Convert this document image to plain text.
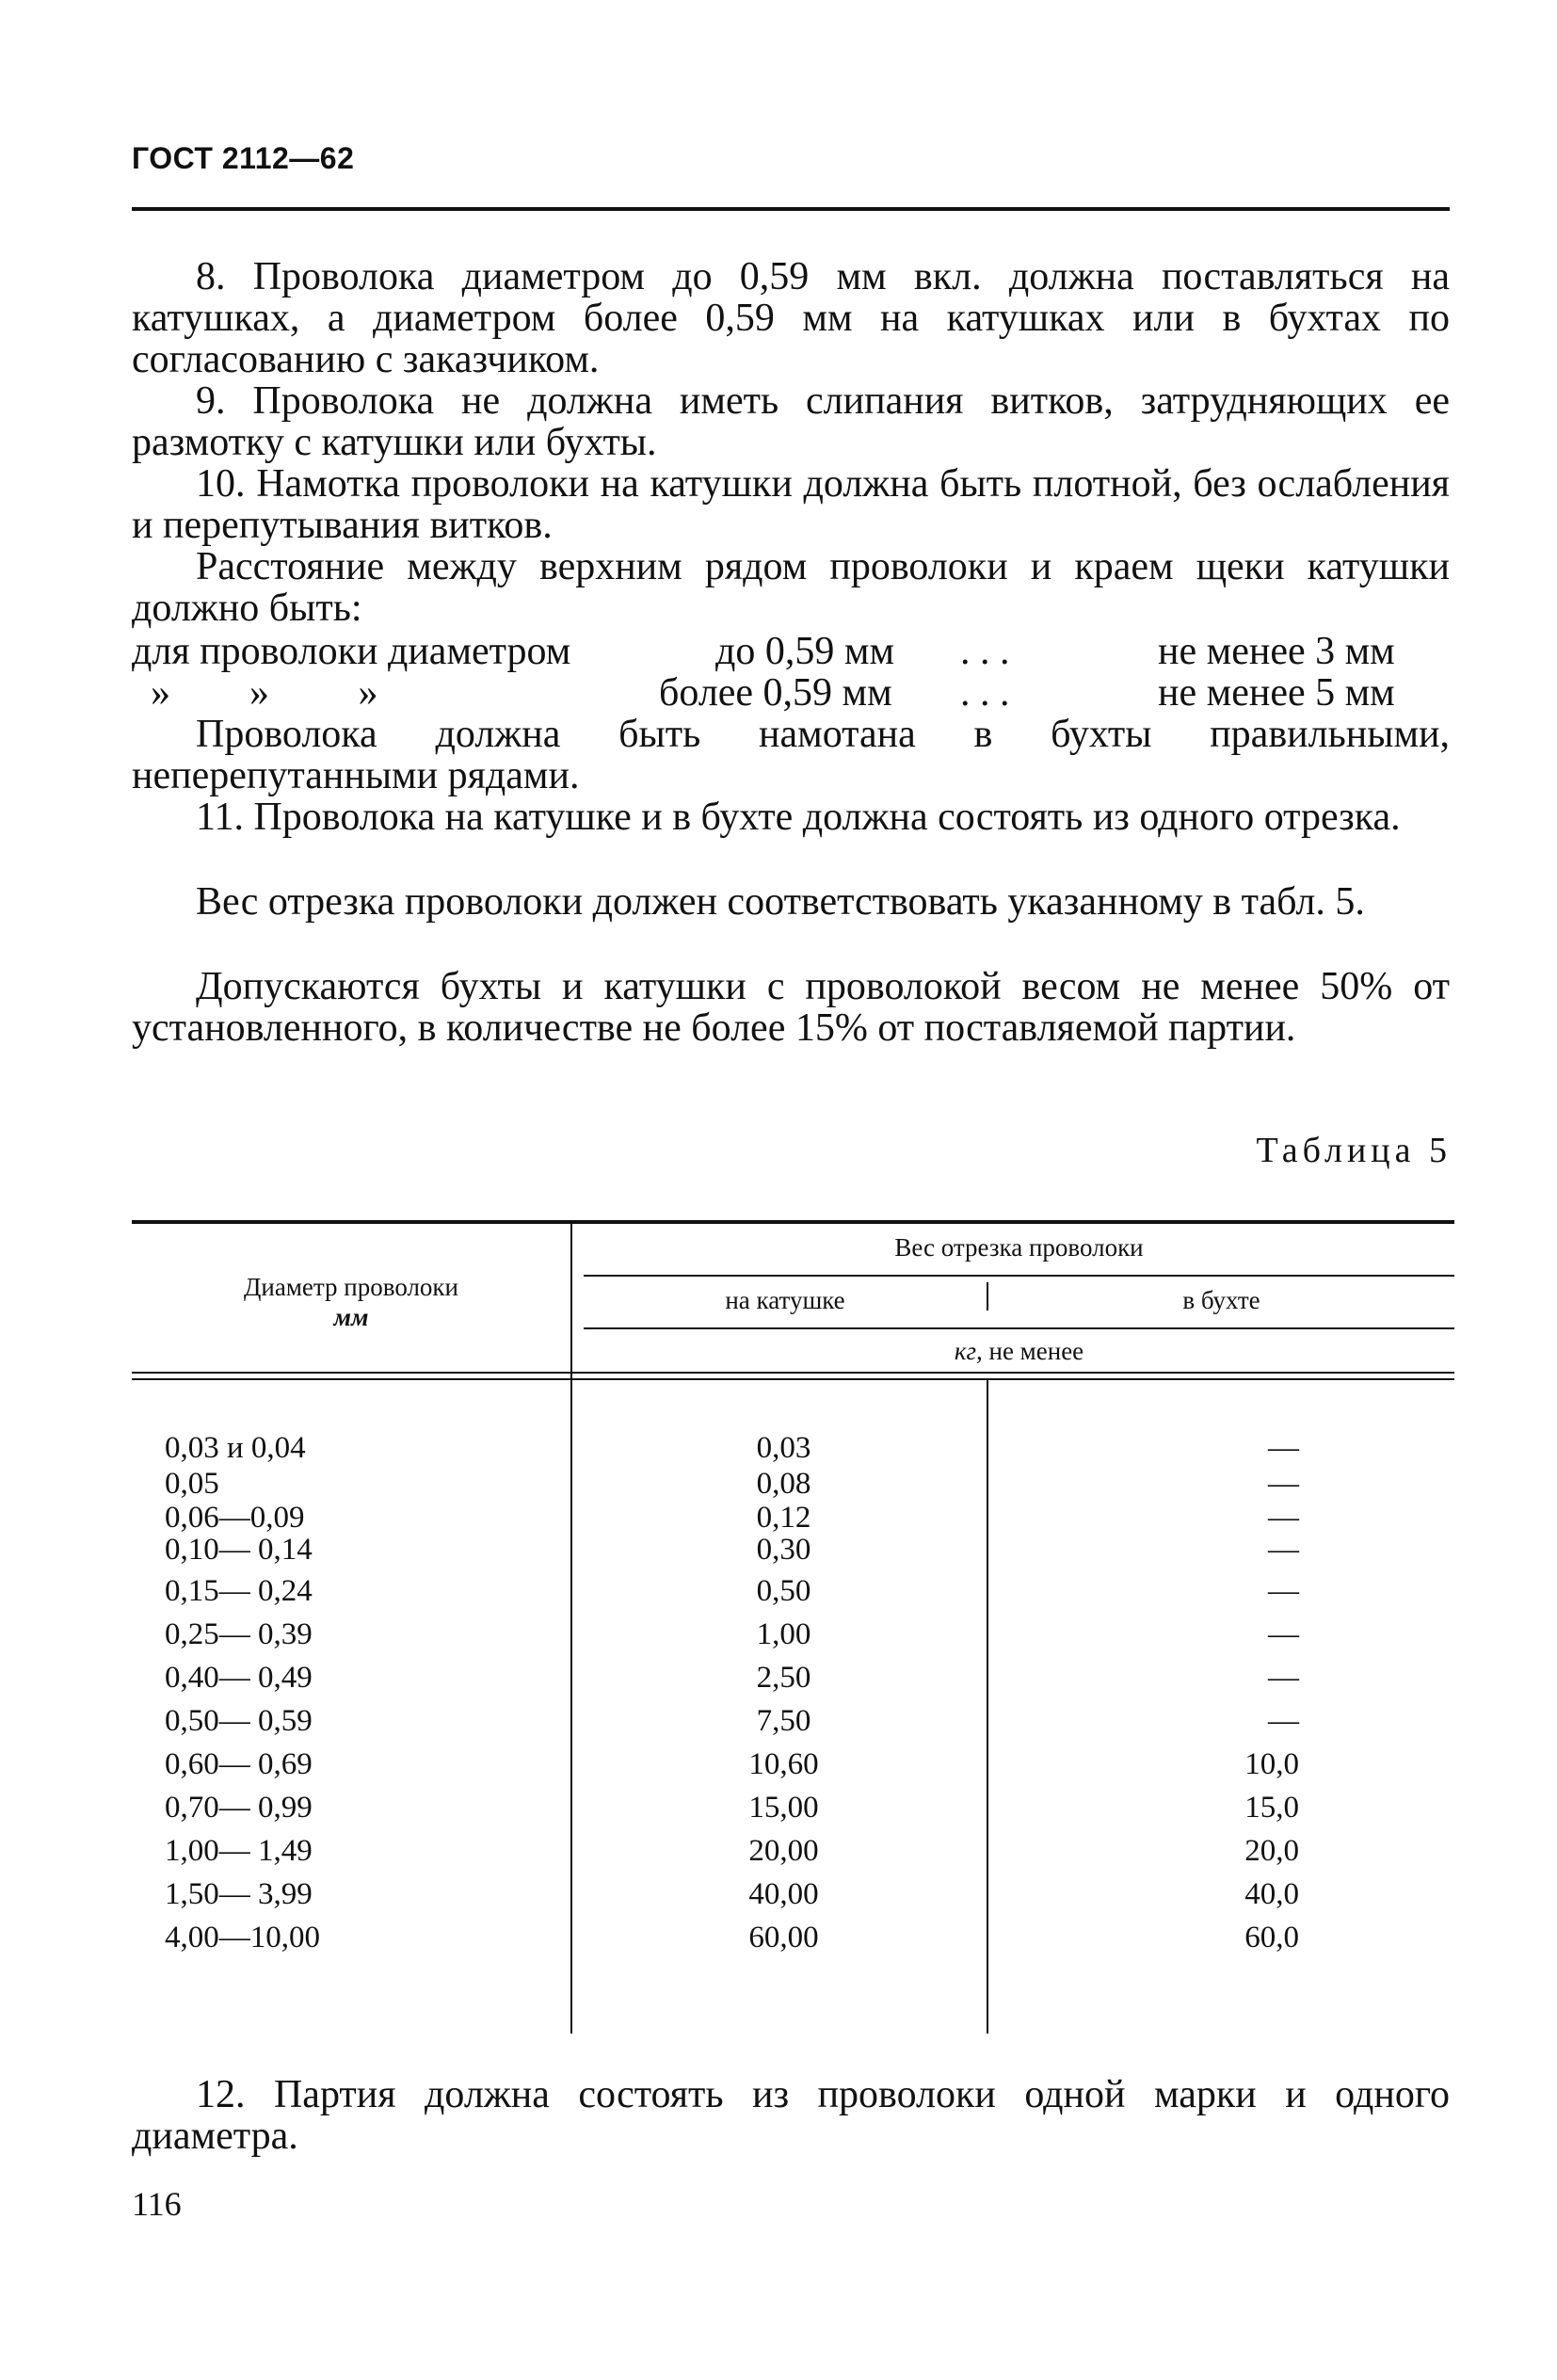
ГОСТ 2112—62
8. Проволока диаметром до 0,59 мм вкл. должна поставляться на катушках, а диаметром более 0,59 мм на катушках или в бухтах по согласованию с заказчиком.
9. Проволока не должна иметь слипания витков, затрудняющих ее размотку с катушки или бухты.
10. Намотка проволоки на катушки должна быть плотной, без ослабления и перепутывания витков.
Расстояние между верхним рядом проволоки и краем щеки катушки должно быть:
для проволоки диаметром	до 0,59 мм . . .	не менее 3 мм
»        »         »	более 0,59 мм . . .	не менее 5 мм
Проволока должна быть намотана в бухты правильными, неперепутанными рядами.
11. Проволока на катушке и в бухте должна состоять из одного отрезка.
Вес отрезка проволоки должен соответствовать указанному в табл. 5.
Допускаются бухты и катушки с проволокой весом не менее 50% от установленного, в количестве не более 15% от поставляемой партии.
Таблица 5
Диаметр проволоки
мм
Вес отрезка проволоки
на катушке	в бухте
кг, не менее
0,03 и 0,04	0,03	—
0,05	0,08	—
0,06—0,09	0,12	—
0,10— 0,14	0,30	—
0,15— 0,24	0,50	—
0,25— 0,39	1,00	—
0,40— 0,49	2,50	—
0,50— 0,59	7,50	—
0,60— 0,69	10,60	10,0
0,70— 0,99	15,00	15,0
1,00— 1,49	20,00	20,0
1,50— 3,99	40,00	40,0
4,00—10,00	60,00	60,0
12. Партия должна состоять из проволоки одной марки и одного диаметра.
116
